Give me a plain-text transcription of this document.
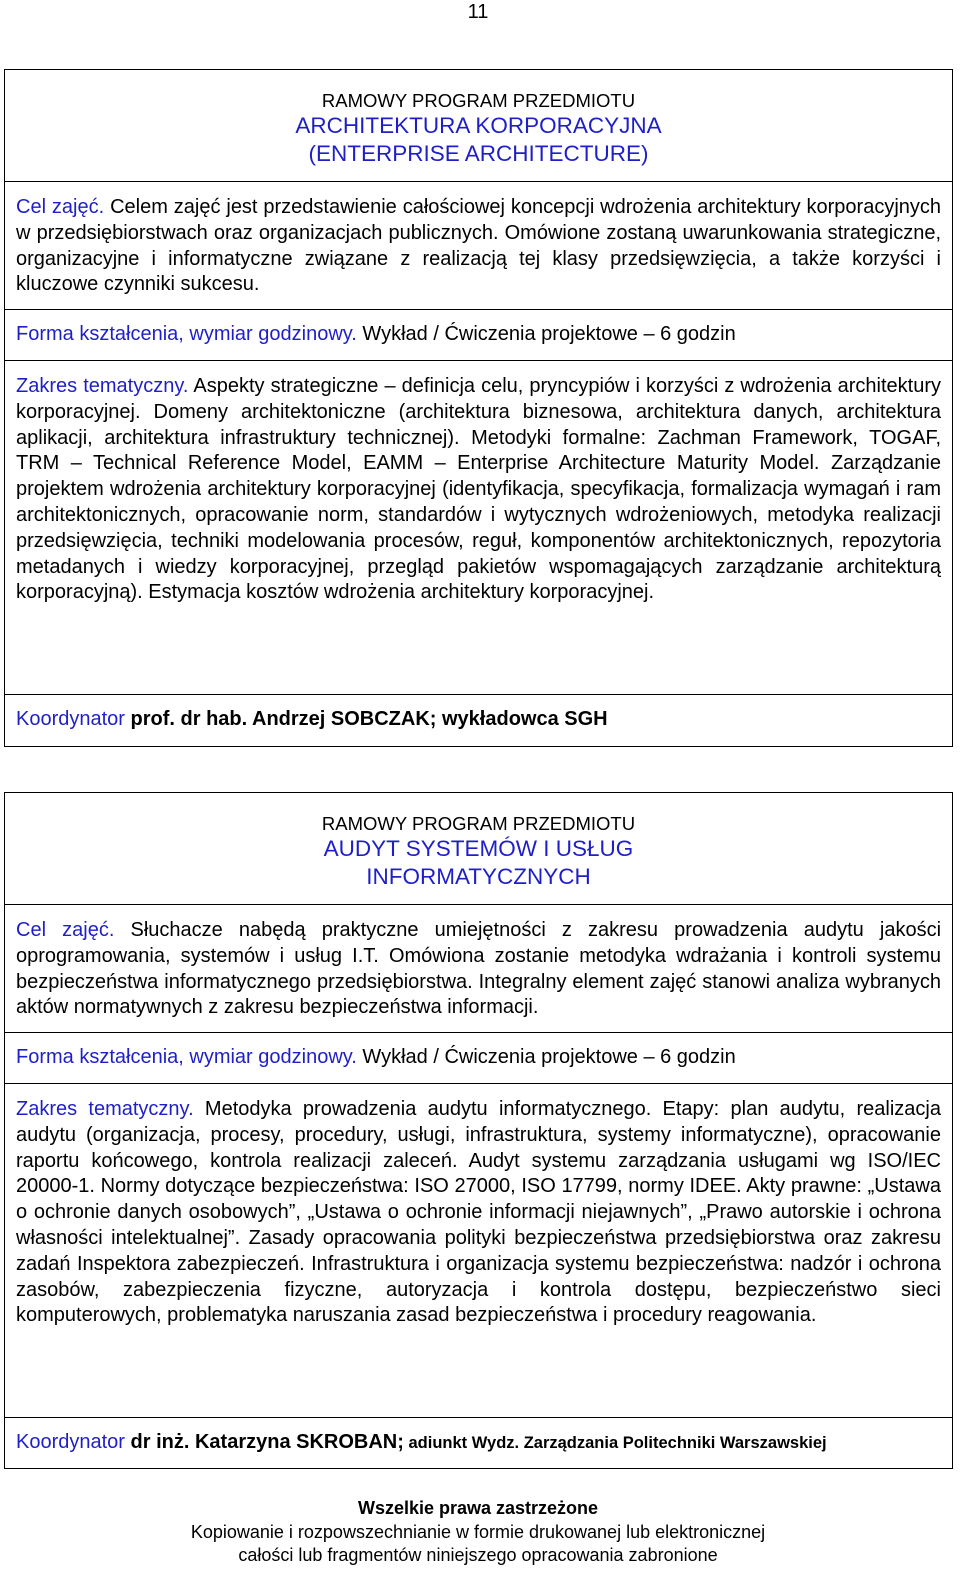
11
RAMOWY PROGRAM PRZEDMIOTU
ARCHITEKTURA KORPORACYJNA
(ENTERPRISE ARCHITECTURE)

Cel zajęć. Celem zajęć jest przedstawienie całościowej koncepcji wdrożenia architektury korporacyjnych w przedsiębiorstwach oraz organizacjach publicznych. Omówione zostaną uwarunkowania strategiczne, organizacyjne i informatyczne związane z realizacją tej klasy przedsięwzięcia, a także korzyści i kluczowe czynniki sukcesu.
Forma kształcenia, wymiar godzinowy. Wykład / Ćwiczenia projektowe – 6 godzin
Zakres tematyczny. Aspekty strategiczne – definicja celu, pryncypiów i korzyści z wdrożenia architektury korporacyjnej. Domeny architektoniczne (architektura biznesowa, architektura danych, architektura aplikacji, architektura infrastruktury technicznej). Metodyki formalne: Zachman Framework, TOGAF, TRM – Technical Reference Model, EAMM – Enterprise Architecture Maturity Model. Zarządzanie projektem wdrożenia architektury korporacyjnej (identyfikacja, specyfikacja, formalizacja wymagań i ram architektonicznych, opracowanie norm, standardów i wytycznych wdrożeniowych, metodyka realizacji przedsięwzięcia, techniki modelowania procesów, reguł, komponentów architektonicznych, repozytoria metadanych i wiedzy korporacyjnej, przegląd pakietów wspomagających zarządzanie architekturą korporacyjną). Estymacja kosztów wdrożenia architektury korporacyjnej.
Koordynator prof. dr hab. Andrzej SOBCZAK; wykładowca SGH
RAMOWY PROGRAM PRZEDMIOTU
AUDYT SYSTEMÓW I USŁUG
INFORMATYCZNYCH

Cel zajęć. Słuchacze nabędą praktyczne umiejętności z zakresu prowadzenia audytu jakości oprogramowania, systemów i usług I.T. Omówiona zostanie metodyka wdrażania i kontroli systemu bezpieczeństwa informatycznego przedsiębiorstwa. Integralny element zajęć stanowi analiza wybranych aktów normatywnych z zakresu bezpieczeństwa informacji.
Forma kształcenia, wymiar godzinowy. Wykład / Ćwiczenia projektowe – 6 godzin
Zakres tematyczny. Metodyka prowadzenia audytu informatycznego. Etapy: plan audytu, realizacja audytu (organizacja, procesy, procedury, usługi, infrastruktura, systemy informatyczne), opracowanie raportu końcowego, kontrola realizacji zaleceń. Audyt systemu zarządzania usługami wg ISO/IEC 20000-1. Normy dotyczące bezpieczeństwa: ISO 27000, ISO 17799, normy IDEE. Akty prawne: „Ustawa o ochronie danych osobowych”, „Ustawa o ochronie informacji niejawnych”, „Prawo autorskie i ochrona własności intelektualnej”. Zasady opracowania polityki bezpieczeństwa przedsiębiorstwa oraz zakresu zadań Inspektora zabezpieczeń. Infrastruktura i organizacja systemu bezpieczeństwa: nadzór i ochrona zasobów, zabezpieczenia fizyczne, autoryzacja i kontrola dostępu, bezpieczeństwo sieci komputerowych, problematyka naruszania zasad bezpieczeństwa i procedury reagowania.
Koordynator dr inż. Katarzyna SKROBAN; adiunkt Wydz. Zarządzania Politechniki Warszawskiej
Wszelkie prawa zastrzeżone
Kopiowanie i rozpowszechnianie w formie drukowanej lub elektronicznej
całości lub fragmentów niniejszego opracowania zabronione
